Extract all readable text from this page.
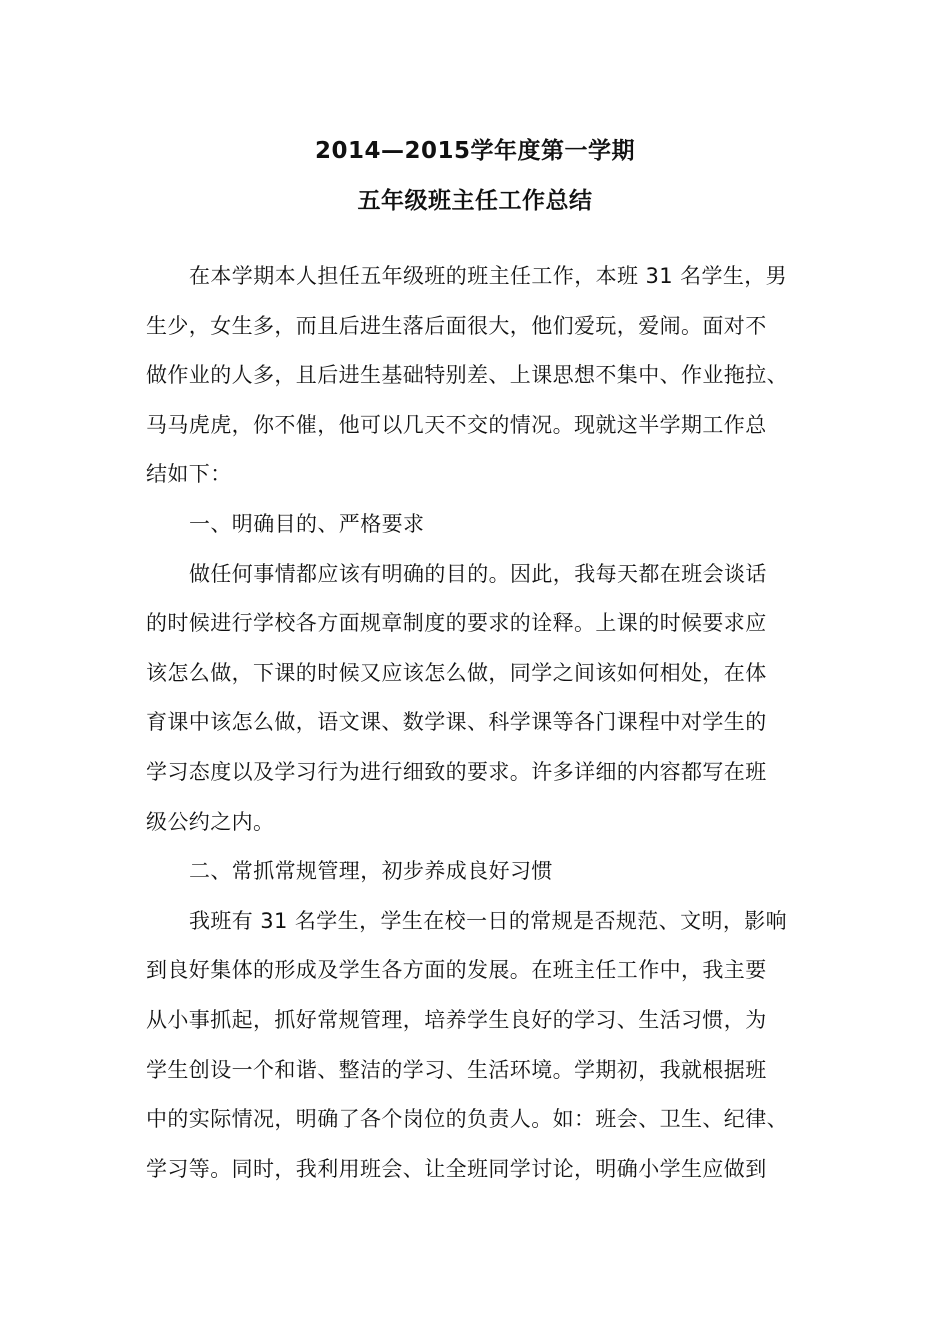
2014—2015学年度第一学期
五年级班主任工作总结
在本学期本人担任五年级班的班主任工作，本班 31 名学生，男
生少，女生多，而且后进生落后面很大，他们爱玩，爱闹。面对不
做作业的人多，且后进生基础特别差、上课思想不集中、作业拖拉、
马马虎虎，你不催，他可以几天不交的情况。现就这半学期工作总
结如下：
一、明确目的、严格要求
做任何事情都应该有明确的目的。因此，我每天都在班会谈话
的时候进行学校各方面规章制度的要求的诠释。上课的时候要求应
该怎么做，下课的时候又应该怎么做，同学之间该如何相处，在体
育课中该怎么做，语文课、数学课、科学课等各门课程中对学生的
学习态度以及学习行为进行细致的要求。许多详细的内容都写在班
级公约之内。
二、常抓常规管理，初步养成良好习惯
我班有 31 名学生，学生在校一日的常规是否规范、文明，影响
到良好集体的形成及学生各方面的发展。在班主任工作中，我主要
从小事抓起，抓好常规管理，培养学生良好的学习、生活习惯，为
学生创设一个和谐、整洁的学习、生活环境。学期初，我就根据班
中的实际情况，明确了各个岗位的负责人。如：班会、卫生、纪律、
学习等。同时，我利用班会、让全班同学讨论，明确小学生应做到
